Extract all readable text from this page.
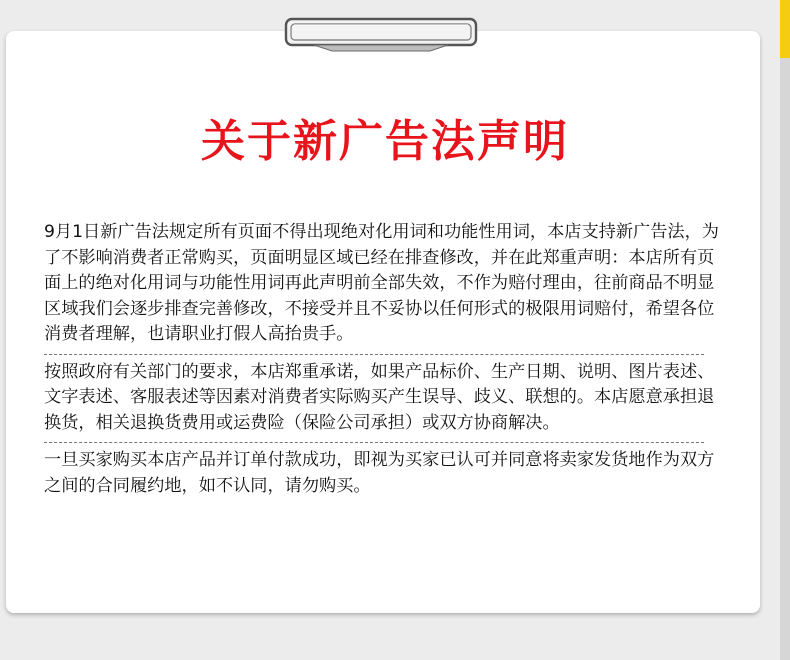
关于新广告法声明

9月1日新广告法规定所有页面不得出现绝对化用词和功能性用词，本店支持新广告法，为了不影响消费者正常购买，页面明显区域已经在排查修改，并在此郑重声明：本店所有页面上的绝对化用词与功能性用词再此声明前全部失效，不作为赔付理由，往前商品不明显区域我们会逐步排查完善修改，不接受并且不妥协以任何形式的极限用词赔付，希望各位消费者理解，也请职业打假人高抬贵手。

按照政府有关部门的要求，本店郑重承诺，如果产品标价、生产日期、说明、图片表述、文字表述、客服表述等因素对消费者实际购买产生误导、歧义、联想的。本店愿意承担退换货，相关退换货费用或运费险（保险公司承担）或双方协商解决。

一旦买家购买本店产品并订单付款成功，即视为买家已认可并同意将卖家发货地作为双方之间的合同履约地，如不认同，请勿购买。
